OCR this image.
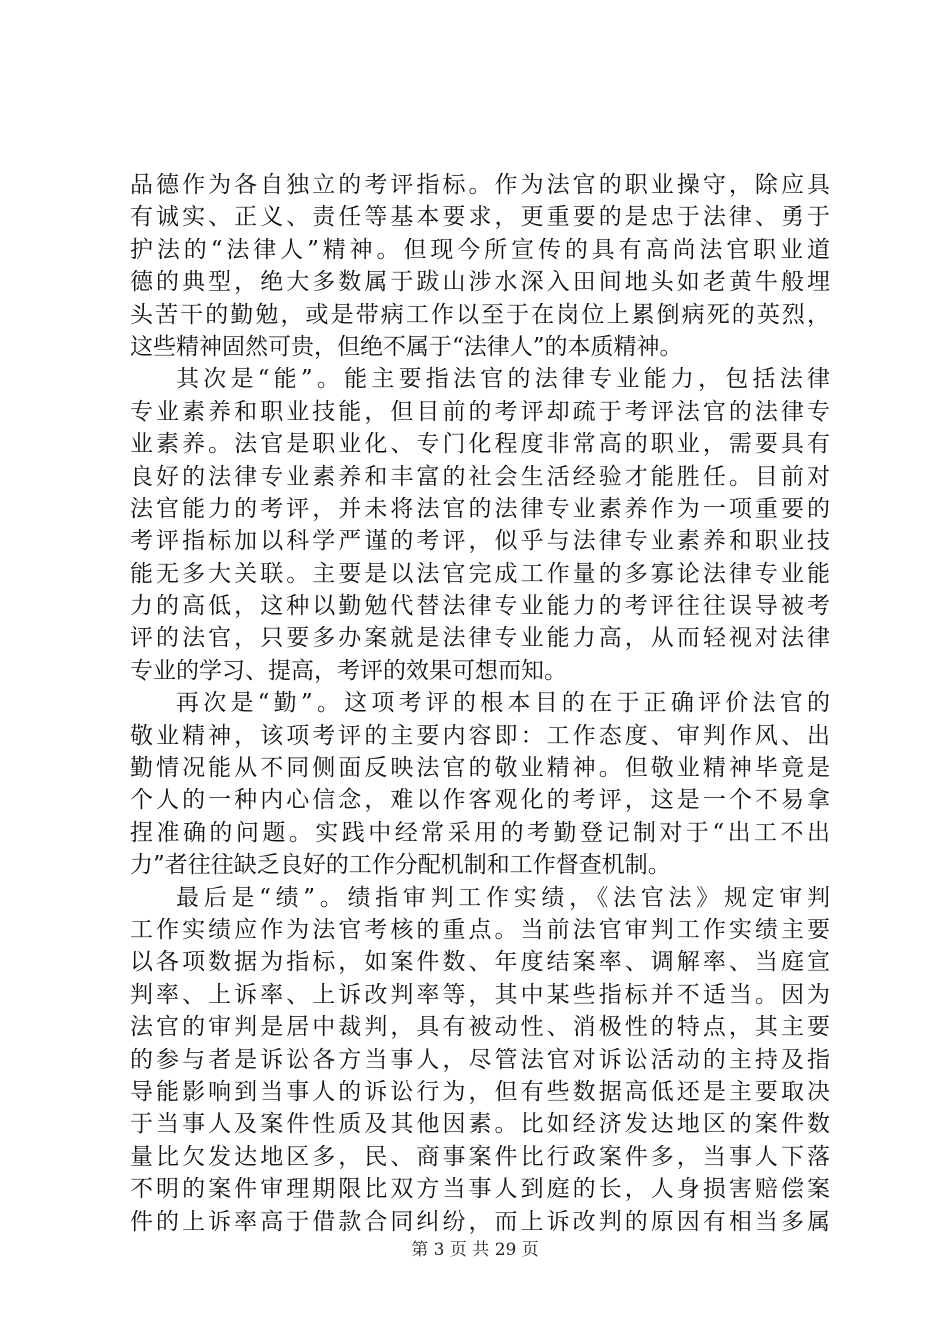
品德作为各自独立的考评指标。作为法官的职业操守，除应具
有诚实、正义、责任等基本要求，更重要的是忠于法律、勇于
护法的“法律人”精神。但现今所宣传的具有高尚法官职业道
德的典型，绝大多数属于跋山涉水深入田间地头如老黄牛般埋
头苦干的勤勉，或是带病工作以至于在岗位上累倒病死的英烈，
这些精神固然可贵，但绝不属于“法律人”的本质精神。
其次是“能”。能主要指法官的法律专业能力，包括法律
专业素养和职业技能，但目前的考评却疏于考评法官的法律专
业素养。法官是职业化、专门化程度非常高的职业，需要具有
良好的法律专业素养和丰富的社会生活经验才能胜任。目前对
法官能力的考评，并未将法官的法律专业素养作为一项重要的
考评指标加以科学严谨的考评，似乎与法律专业素养和职业技
能无多大关联。主要是以法官完成工作量的多寡论法律专业能
力的高低，这种以勤勉代替法律专业能力的考评往往误导被考
评的法官，只要多办案就是法律专业能力高，从而轻视对法律
专业的学习、提高，考评的效果可想而知。
再次是“勤”。这项考评的根本目的在于正确评价法官的
敬业精神，该项考评的主要内容即：工作态度、审判作风、出
勤情况能从不同侧面反映法官的敬业精神。但敬业精神毕竟是
个人的一种内心信念，难以作客观化的考评，这是一个不易拿
捏准确的问题。实践中经常采用的考勤登记制对于“出工不出
力”者往往缺乏良好的工作分配机制和工作督查机制。
最后是“绩”。绩指审判工作实绩，《法官法》规定审判
工作实绩应作为法官考核的重点。当前法官审判工作实绩主要
以各项数据为指标，如案件数、年度结案率、调解率、当庭宣
判率、上诉率、上诉改判率等，其中某些指标并不适当。因为
法官的审判是居中裁判，具有被动性、消极性的特点，其主要
的参与者是诉讼各方当事人，尽管法官对诉讼活动的主持及指
导能影响到当事人的诉讼行为，但有些数据高低还是主要取决
于当事人及案件性质及其他因素。比如经济发达地区的案件数
量比欠发达地区多，民、商事案件比行政案件多，当事人下落
不明的案件审理期限比双方当事人到庭的长，人身损害赔偿案
件的上诉率高于借款合同纠纷，而上诉改判的原因有相当多属
第 3 页 共 29 页
